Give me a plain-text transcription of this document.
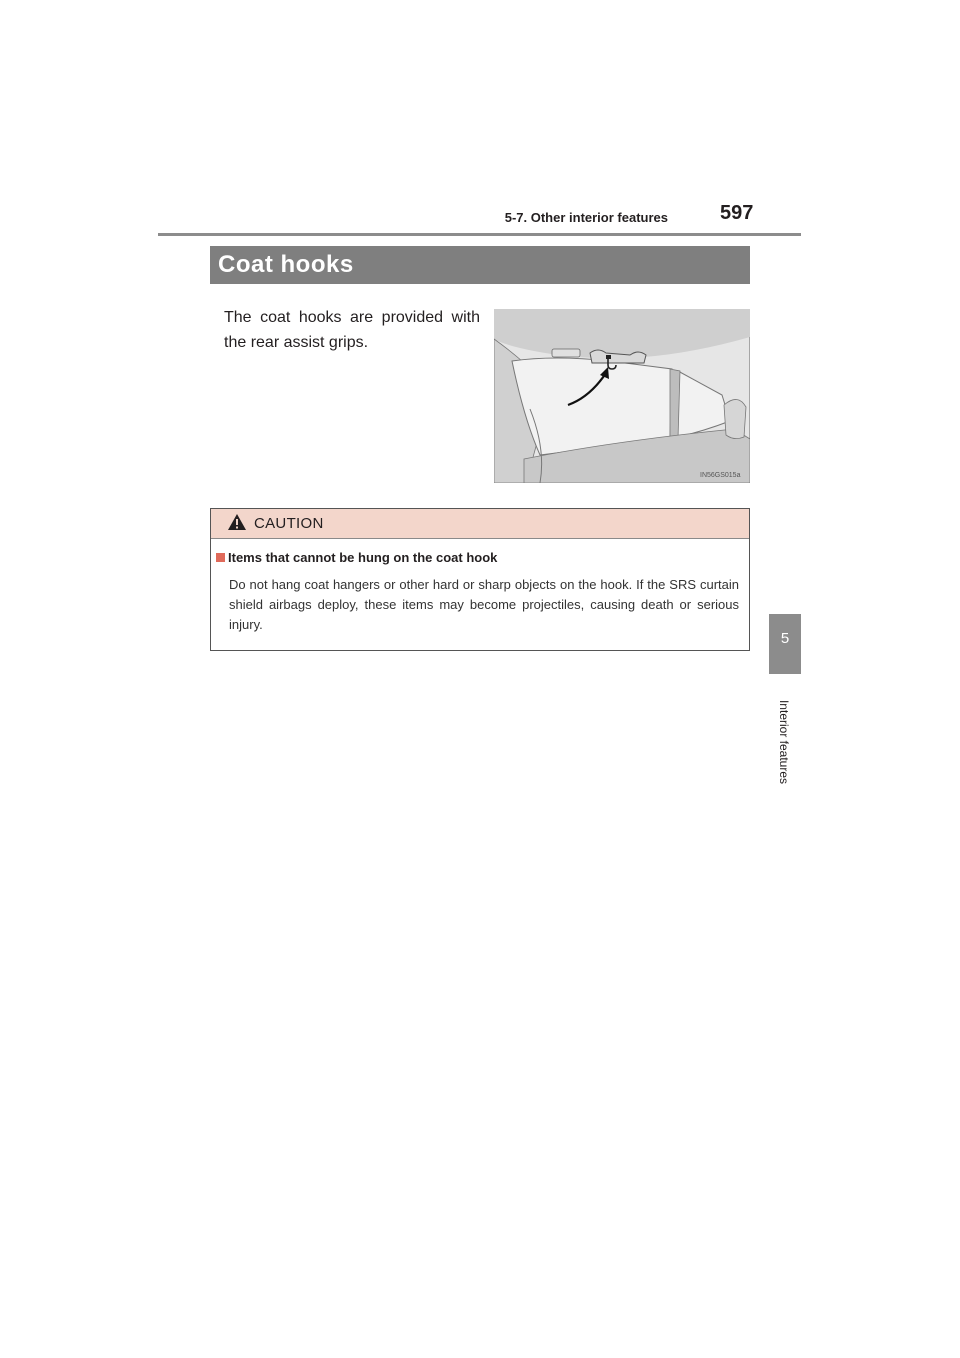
5-7. Other interior features	597
5
Interior features
Coat hooks
The coat hooks are provided with the rear assist grips.
IN56GS015a
CAUTION
Items that cannot be hung on the coat hook
Do not hang coat hangers or other hard or sharp objects on the hook. If the SRS curtain shield airbags deploy, these items may become projectiles, causing death or serious injury.
